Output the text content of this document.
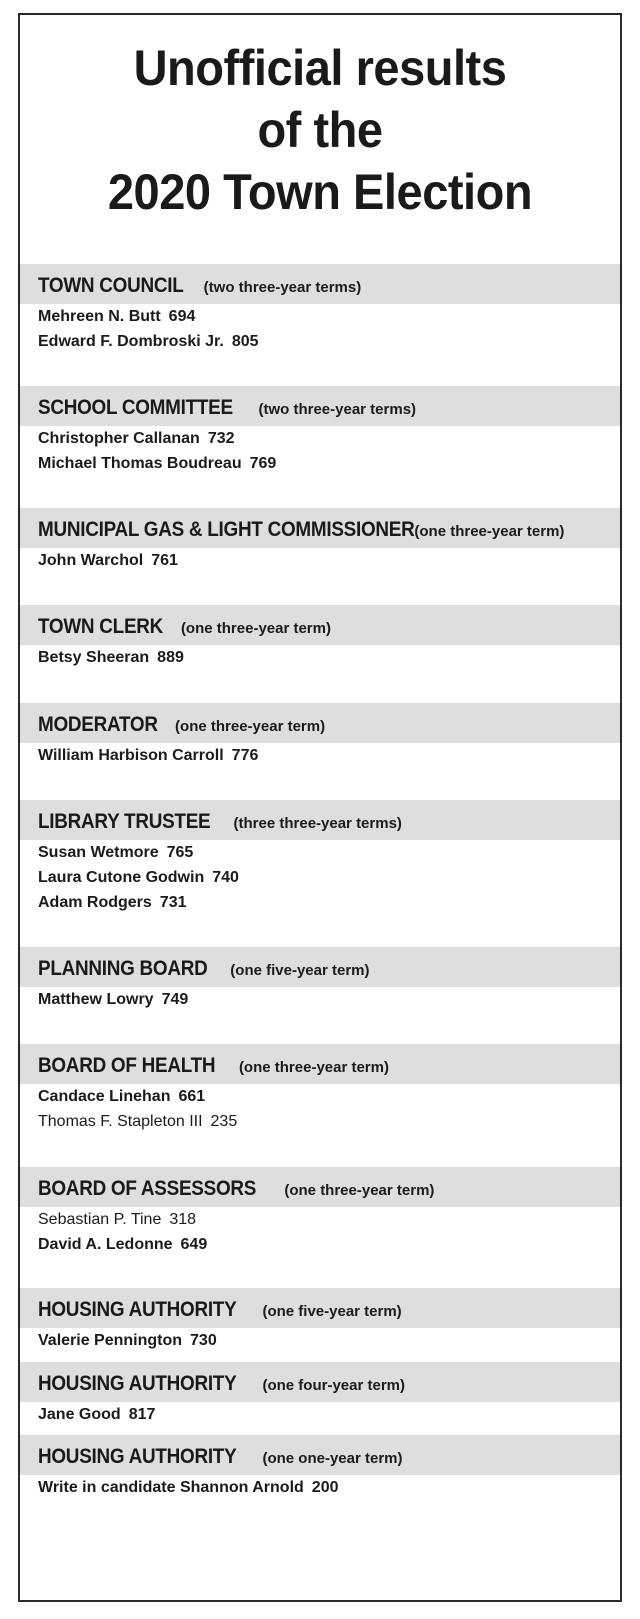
Unofficial results
of the
2020 Town Election
TOWN COUNCIL (two three-year terms)
Mehreen N. Butt 694
Edward F. Dombroski Jr. 805
SCHOOL COMMITTEE (two three-year terms)
Christopher Callanan 732
Michael Thomas Boudreau 769
MUNICIPAL GAS & LIGHT COMMISSIONER(one three-year term)
John Warchol 761
TOWN CLERK (one three-year term)
Betsy Sheeran 889
MODERATOR (one three-year term)
William Harbison Carroll 776
LIBRARY TRUSTEE (three three-year terms)
Susan Wetmore 765
Laura Cutone Godwin 740
Adam Rodgers 731
PLANNING BOARD (one five-year term)
Matthew Lowry 749
BOARD OF HEALTH (one three-year term)
Candace Linehan 661
Thomas F. Stapleton III 235
BOARD OF ASSESSORS (one three-year term)
Sebastian P. Tine 318
David A. Ledonne 649
HOUSING AUTHORITY (one five-year term)
Valerie Pennington 730
HOUSING AUTHORITY (one four-year term)
Jane Good 817
HOUSING AUTHORITY (one one-year term)
Write in candidate Shannon Arnold 200
